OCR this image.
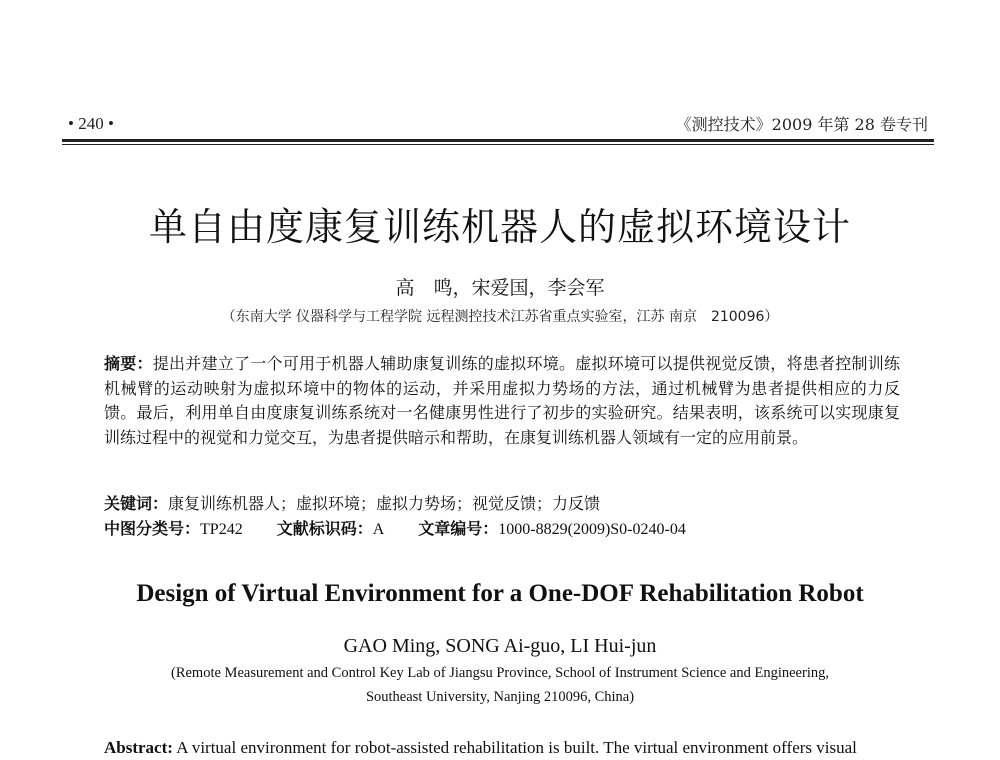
• 240 •	《测控技术》2009 年第 28 卷专刊
单自由度康复训练机器人的虚拟环境设计
高　鸣，宋爱国，李会军
（东南大学 仪器科学与工程学院 远程测控技术江苏省重点实验室，江苏 南京　210096）
摘要：提出并建立了一个可用于机器人辅助康复训练的虚拟环境。虚拟环境可以提供视觉反馈，将患者控制训练机械臂的运动映射为虚拟环境中的物体的运动，并采用虚拟力势场的方法，通过机械臂为患者提供相应的力反馈。最后，利用单自由度康复训练系统对一名健康男性进行了初步的实验研究。结果表明，该系统可以实现康复训练过程中的视觉和力觉交互，为患者提供暗示和帮助，在康复训练机器人领域有一定的应用前景。
关键词：康复训练机器人；虚拟环境；虚拟力势场；视觉反馈；力反馈
中图分类号：TP242 文献标识码：A 文章编号：1000-8829(2009)S0-0240-04
Design of Virtual Environment for a One-DOF Rehabilitation Robot
GAO Ming, SONG Ai-guo, LI Hui-jun
(Remote Measurement and Control Key Lab of Jiangsu Province, School of Instrument Science and Engineering,
Southeast University, Nanjing 210096, China)
Abstract: A virtual environment for robot-assisted rehabilitation is built. The virtual environment offers visual
